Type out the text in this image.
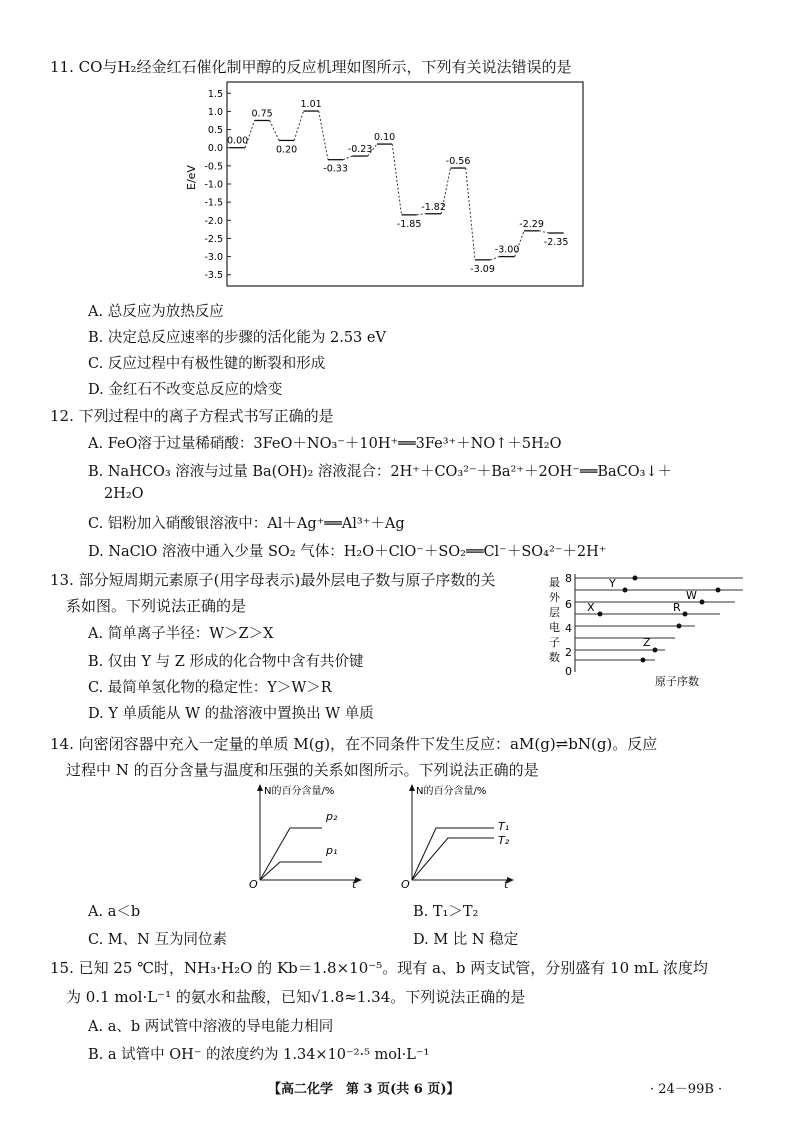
11. CO与H₂经金红石催化制甲醇的反应机理如图所示，下列有关说法错误的是
E/eV
1.5
1.0
0.5
0.0
-0.5
-1.0
-1.5
-2.0
-2.5
-3.0
-3.5
0.00
0.75
0.20
1.01
-0.33
-0.23
0.10
-1.85
-1.82
-0.56
-3.09
-3.00
-2.29
-2.35
A. 总反应为放热反应
B. 决定总反应速率的步骤的活化能为 2.53 eV
C. 反应过程中有极性键的断裂和形成
D. 金红石不改变总反应的焓变
12. 下列过程中的离子方程式书写正确的是
A. FeO溶于过量稀硝酸：3FeO＋NO₃⁻＋10H⁺══3Fe³⁺＋NO↑＋5H₂O
B. NaHCO₃ 溶液与过量 Ba(OH)₂ 溶液混合：2H⁺＋CO₃²⁻＋Ba²⁺＋2OH⁻══BaCO₃↓＋
2H₂O
C. 铝粉加入硝酸银溶液中：Al＋Ag⁺══Al³⁺＋Ag
D. NaClO 溶液中通入少量 SO₂ 气体：H₂O＋ClO⁻＋SO₂══Cl⁻＋SO₄²⁻＋2H⁺
13. 部分短周期元素原子(用字母表示)最外层电子数与原子序数的关
系如图。下列说法正确的是
A. 简单离子半径：W＞Z＞X
B. 仅由 Y 与 Z 形成的化合物中含有共价键
C. 最简单氢化物的稳定性：Y＞W＞R
D. Y 单质能从 W 的盐溶液中置换出 W 单质
最
外
层
电
子
数
8
6
4
2
0
Y
W
X	R
Z
原子序数
14. 向密闭容器中充入一定量的单质 M(g)，在不同条件下发生反应：aM(g)⇌bN(g)。反应
过程中 N 的百分含量与温度和压强的关系如图所示。下列说法正确的是
N的百分含量/%
O	t
p₂
p₁
N的百分含量/%
O	t
T₁
T₂
A. a＜b	B. T₁＞T₂
C. M、N 互为同位素	D. M 比 N 稳定
15. 已知 25 ℃时，NH₃·H₂O 的 Kb＝1.8×10⁻⁵。现有 a、b 两支试管，分别盛有 10 mL 浓度均
为 0.1 mol·L⁻¹ 的氨水和盐酸，已知√1.8≈1.34。下列说法正确的是
A. a、b 两试管中溶液的导电能力相同
B. a 试管中 OH⁻ 的浓度约为 1.34×10⁻²·⁵ mol·L⁻¹
【高二化学　第 3 页(共 6 页)】	· 24－99B ·
